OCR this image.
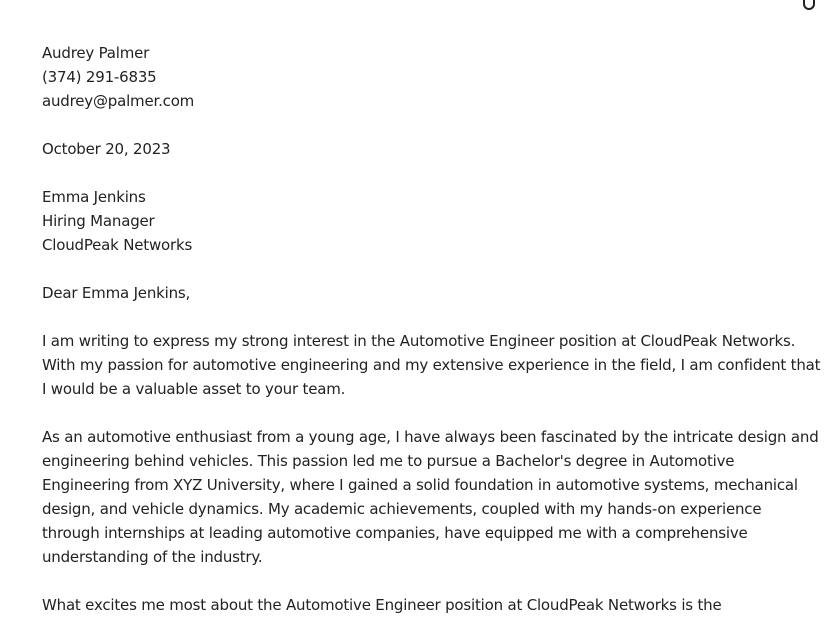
Audrey Palmer
(374) 291-6835
audrey@palmer.com
October 20, 2023
Emma Jenkins
Hiring Manager
CloudPeak Networks
Dear Emma Jenkins,
I am writing to express my strong interest in the Automotive Engineer position at CloudPeak Networks.
With my passion for automotive engineering and my extensive experience in the field, I am confident that
I would be a valuable asset to your team.
As an automotive enthusiast from a young age, I have always been fascinated by the intricate design and
engineering behind vehicles. This passion led me to pursue a Bachelor's degree in Automotive
Engineering from XYZ University, where I gained a solid foundation in automotive systems, mechanical
design, and vehicle dynamics. My academic achievements, coupled with my hands-on experience
through internships at leading automotive companies, have equipped me with a comprehensive
understanding of the industry.
What excites me most about the Automotive Engineer position at CloudPeak Networks is the
